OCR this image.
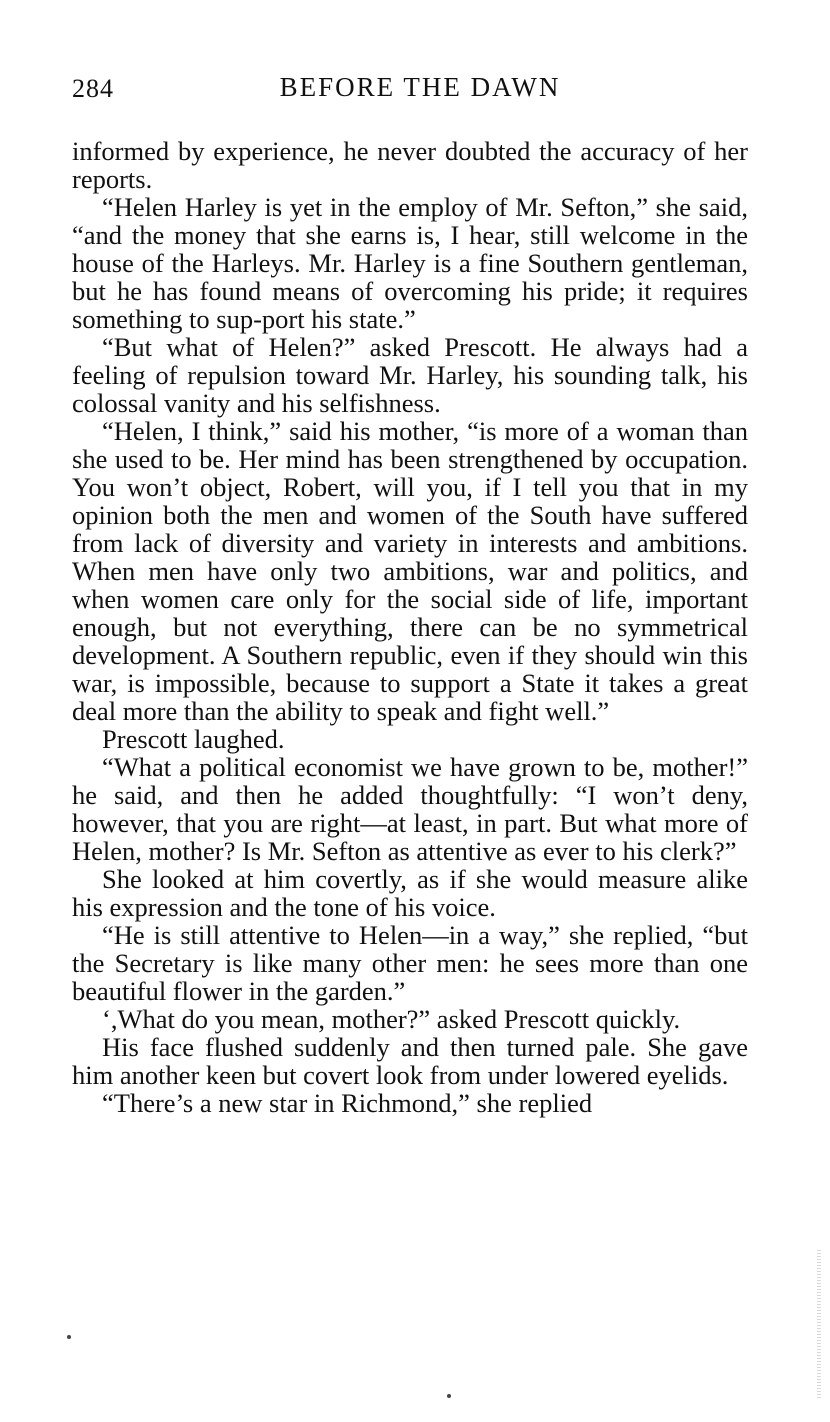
284	BEFORE THE DAWN

informed by experience, he never doubted the accuracy of her reports.

“Helen Harley is yet in the employ of Mr. Sefton,” she said, “and the money that she earns is, I hear, still welcome in the house of the Harleys. Mr. Harley is a fine Southern gentleman, but he has found means of overcoming his pride; it requires something to sup-port his state.”

“But what of Helen?” asked Prescott. He always had a feeling of repulsion toward Mr. Harley, his sounding talk, his colossal vanity and his selfishness.

“Helen, I think,” said his mother, “is more of a woman than she used to be. Her mind has been strengthened by occupation. You won’t object, Robert, will you, if I tell you that in my opinion both the men and women of the South have suffered from lack of diversity and variety in interests and ambitions. When men have only two ambitions, war and politics, and when women care only for the social side of life, important enough, but not everything, there can be no symmetrical development. A Southern republic, even if they should win this war, is impossible, because to support a State it takes a great deal more than the ability to speak and fight well.”

Prescott laughed.

“What a political economist we have grown to be, mother!” he said, and then he added thoughtfully: “I won’t deny, however, that you are right—at least, in part. But what more of Helen, mother? Is Mr. Sefton as attentive as ever to his clerk?”

She looked at him covertly, as if she would measure alike his expression and the tone of his voice.

“He is still attentive to Helen—in a way,” she replied, “but the Secretary is like many other men: he sees more than one beautiful flower in the garden.”

‘,What do you mean, mother?” asked Prescott quickly.

His face flushed suddenly and then turned pale. She gave him another keen but covert look from under lowered eyelids.

“There’s a new star in Richmond,” she replied
